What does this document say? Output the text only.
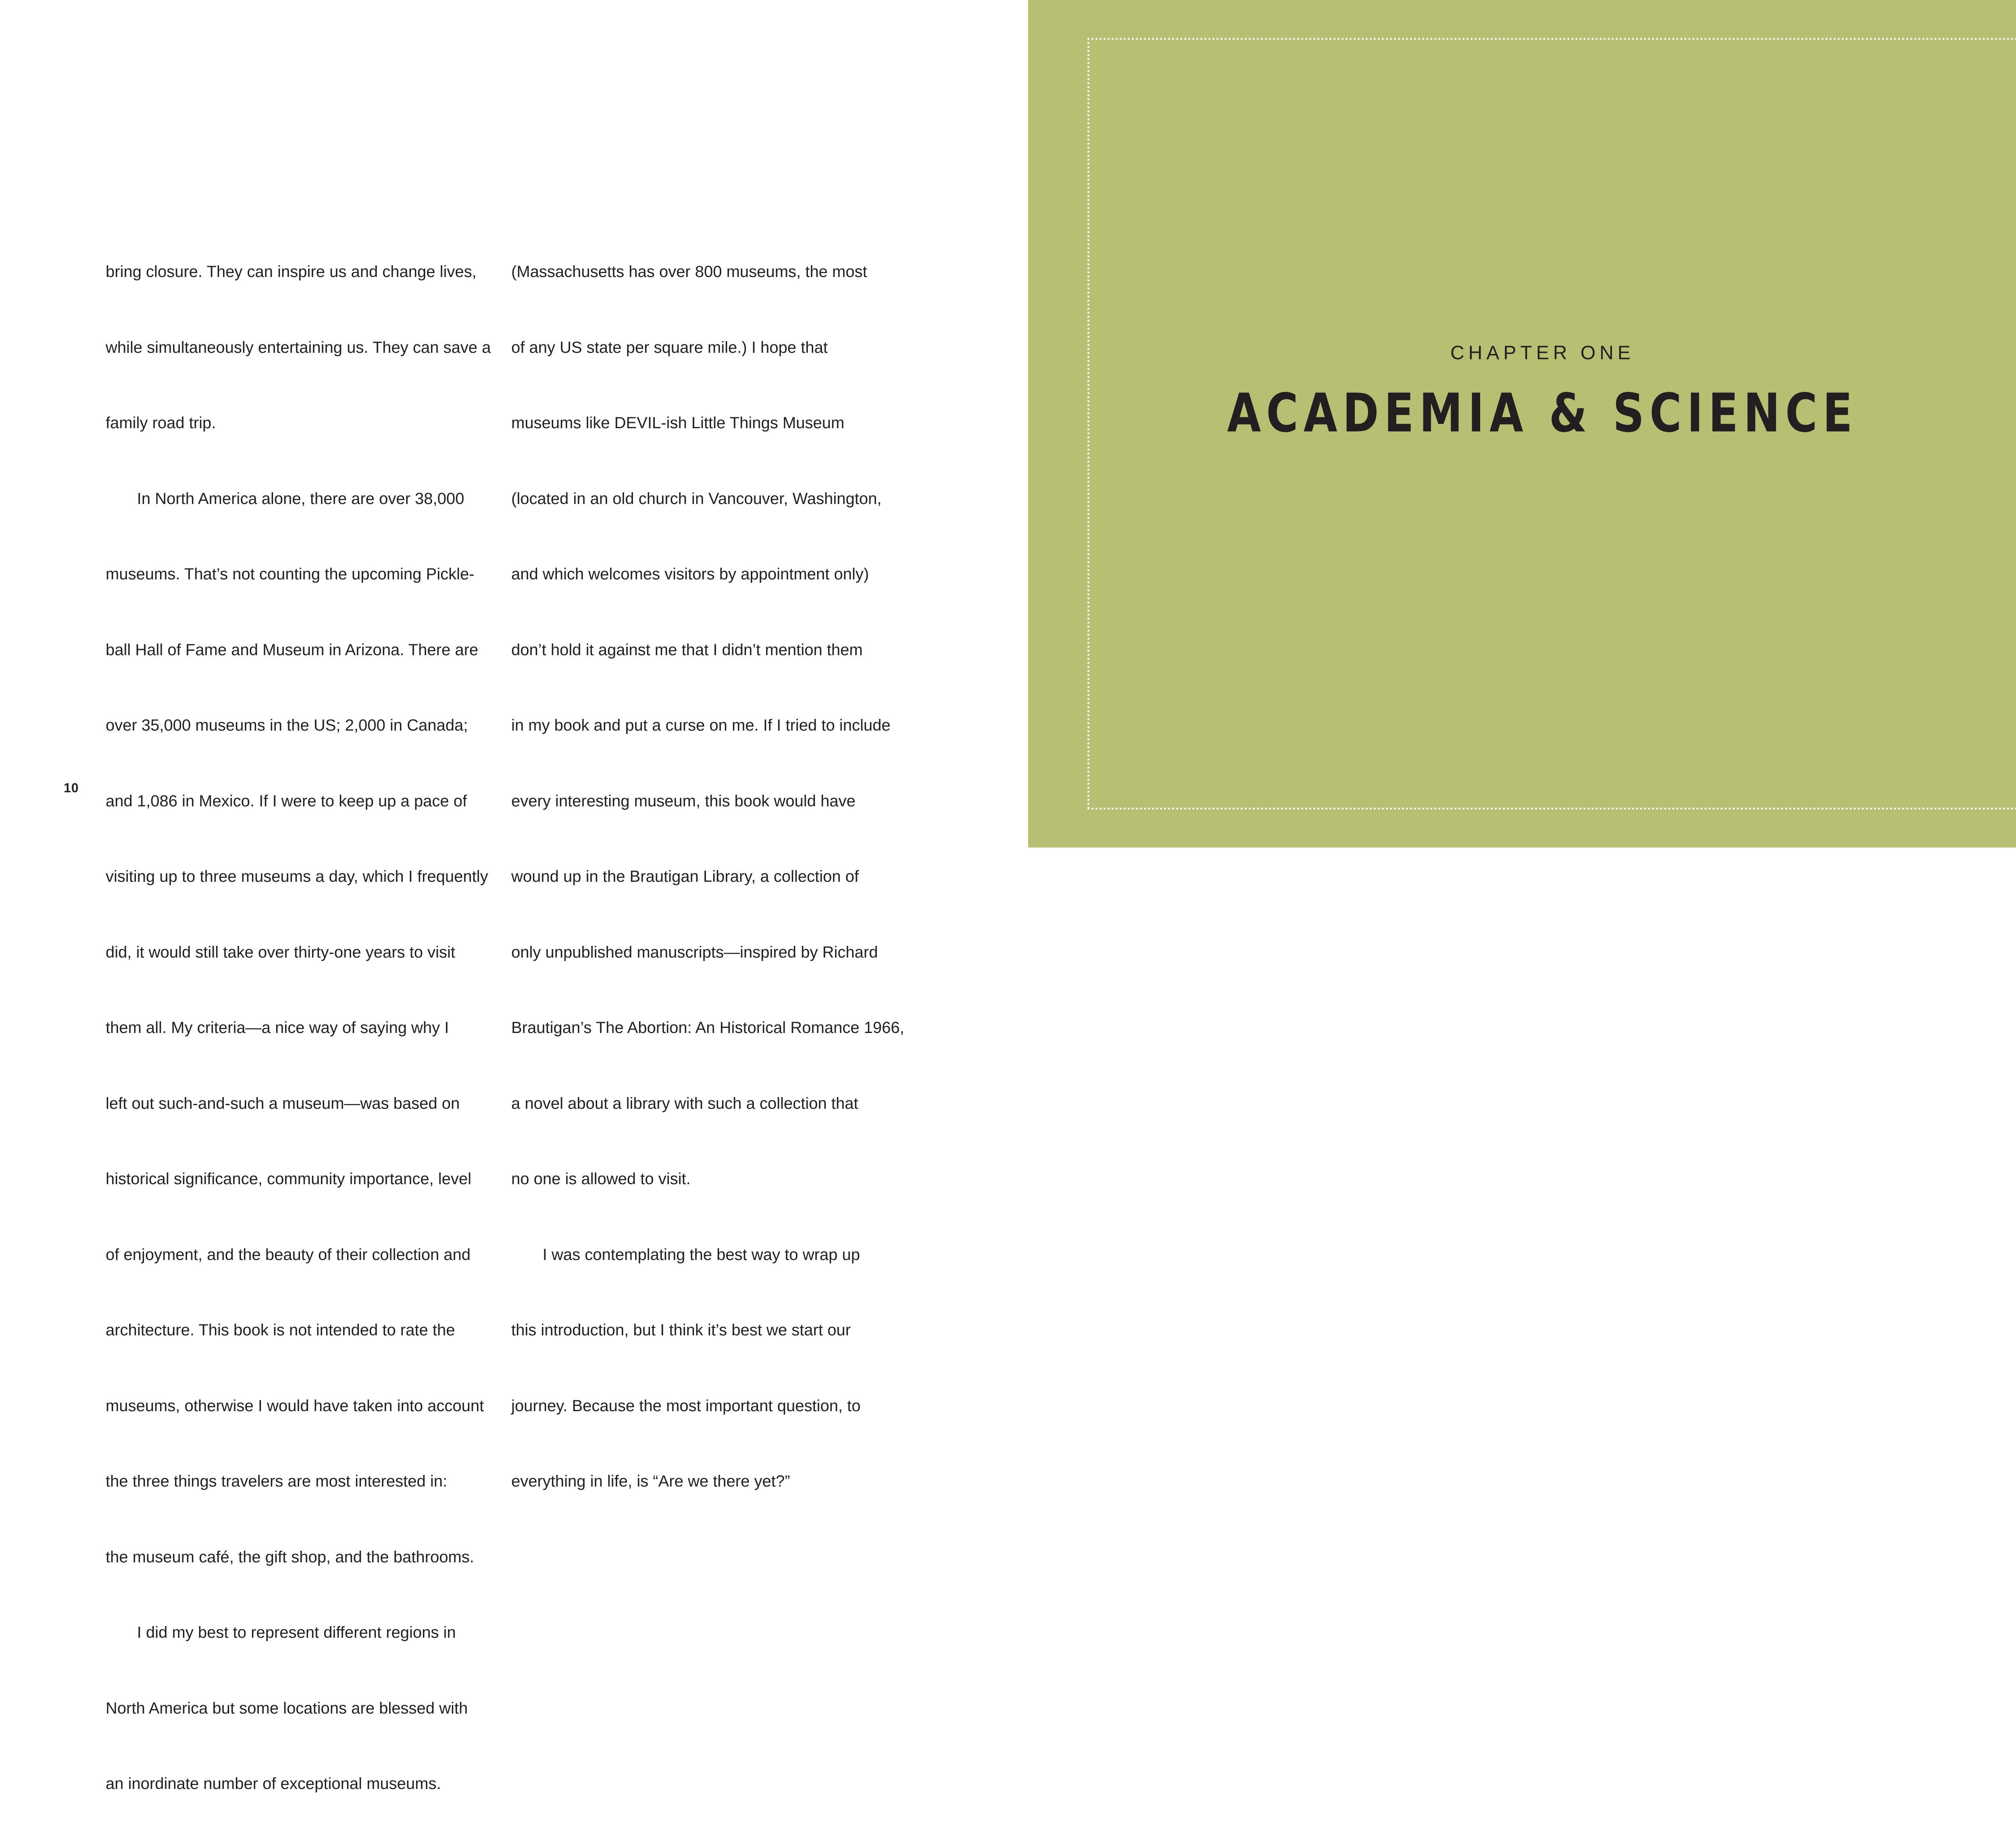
bring closure. They can inspire us and change lives,

while simultaneously entertaining us. They can save a

family road trip.

In North America alone, there are over 38,000

museums. That’s not counting the upcoming Pickle-

ball Hall of Fame and Museum in Arizona. There are

over 35,000 museums in the US; 2,000 in Canada;

and 1,086 in Mexico. If I were to keep up a pace of

visiting up to three museums a day, which I frequently

did, it would still take over thirty-one years to visit

them all. My criteria—a nice way of saying why I

left out such-and-such a museum—was based on

historical significance, community importance, level

of enjoyment, and the beauty of their collection and

architecture. This book is not intended to rate the

museums, otherwise I would have taken into account

the three things travelers are most interested in:

the museum café, the gift shop, and the bathrooms.

I did my best to represent different regions in

North America but some locations are blessed with

an inordinate number of exceptional museums.

(Massachusetts has over 800 museums, the most

of any US state per square mile.) I hope that

museums like DEVIL-ish Little Things Museum

(located in an old church in Vancouver, Washington,

and which welcomes visitors by appointment only)

don’t hold it against me that I didn’t mention them

in my book and put a curse on me. If I tried to include

every interesting museum, this book would have

wound up in the Brautigan Library, a collection of

only unpublished manuscripts—inspired by Richard

Brautigan’s The Abortion: An Historical Romance 1966,

a novel about a library with such a collection that

no one is allowed to visit.

I was contemplating the best way to wrap up

this introduction, but I think it’s best we start our

journey. Because the most important question, to

everything in life, is “Are we there yet?”

10
CHAPTER ONE
ACADEMIA & SCIENCE
